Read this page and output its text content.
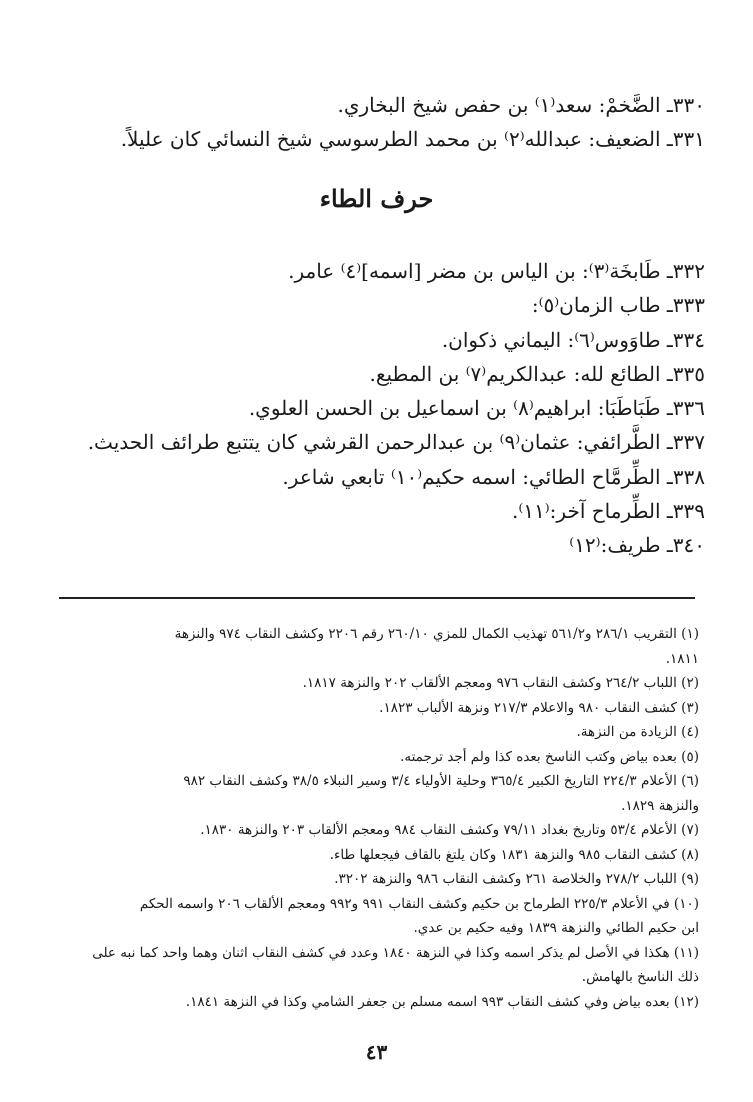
٣٣٠ـ الضَّخمْ: سعد⁽١⁾ بن حفص شيخ البخاري.
٣٣١ـ الضعيف: عبدالله⁽٢⁾ بن محمد الطرسوسي شيخ النسائي كان عليلاً.
حرف الطاء
٣٣٢ـ طَابخَة⁽٣⁾: بن الياس بن مضر [اسمه]⁽٤⁾ عامر.
٣٣٣ـ طاب الزمان⁽٥⁾:
٣٣٤ـ طاوَوس⁽٦⁾: اليماني ذكوان.
٣٣٥ـ الطائع لله: عبدالكريم⁽٧⁾ بن المطيع.
٣٣٦ـ طَبَاطَبَا: ابراهيم⁽٨⁾ بن اسماعيل بن الحسن العلوي.
٣٣٧ـ الطَّرائفي: عثمان⁽٩⁾ بن عبدالرحمن القرشي كان يتتبع طرائف الحديث.
٣٣٨ـ الطِّرمَّاح الطائي: اسمه حكيم⁽١٠⁾ تابعي شاعر.
٣٣٩ـ الطِّرماح آخر:⁽١١⁾.
٣٤٠ـ طريف:⁽١٢⁾
(١) التقريب ٢٨٦/١ و٥٦١/٢ تهذيب الكمال للمزي ٢٦٠/١٠ رقم ٢٢٠٦ وكشف النقاب ٩٧٤ والنزهة
١٨١١.
(٢) اللباب ٢٦٤/٢ وكشف النقاب ٩٧٦ ومعجم الألقاب ٢٠٢ والنزهة ١٨١٧.
(٣) كشف النقاب ٩٨٠ والاعلام ٢١٧/٣ ونزهة الألباب ١٨٢٣.
(٤) الزيادة من النزهة.
(٥) بعده بياض وكتب الناسخ بعده كذا ولم أجد ترجمته.
(٦) الأعلام ٢٢٤/٣ التاريخ الكبير ٣٦٥/٤ وحلية الأولياء ٣/٤ وسير النبلاء ٣٨/٥ وكشف النقاب ٩٨٢
والنزهة ١٨٢٩.
(٧) الأعلام ٥٣/٤ وتاريخ بغداد ٧٩/١١ وكشف النقاب ٩٨٤ ومعجم الألقاب ٢٠٣ والنزهة ١٨٣٠.
(٨) كشف النقاب ٩٨٥ والنزهة ١٨٣١ وكان يلتغ بالقاف فيجعلها طاء.
(٩) اللباب ٢٧٨/٢ والخلاصة ٢٦١ وكشف النقاب ٩٨٦ والنزهة ٣٢٠٢.
(١٠) في الأعلام ٢٢٥/٣ الطرماح بن حكيم وكشف النقاب ٩٩١ و٩٩٢ ومعجم الألقاب ٢٠٦ واسمه الحكم
ابن حكيم الطائي والنزهة ١٨٣٩ وفيه حكيم بن عدي.
(١١) هكذا في الأصل لم يذكر اسمه وكذا في النزهة ١٨٤٠ وعدد في كشف النقاب اثنان وهما واحد كما نبه على
ذلك الناسخ بالهامش.
(١٢) بعده بياض وفي كشف النقاب ٩٩٣ اسمه مسلم بن جعفر الشامي وكذا في النزهة ١٨٤١.
٤٣
